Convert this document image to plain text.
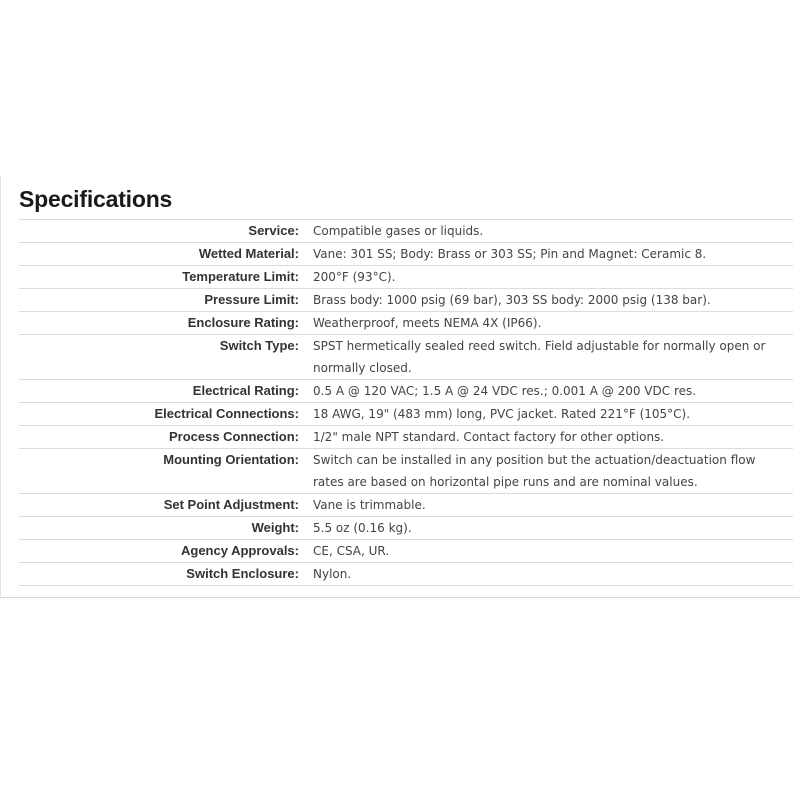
Specifications
Service:	Compatible gases or liquids.
Wetted Material:	Vane: 301 SS; Body: Brass or 303 SS; Pin and Magnet: Ceramic 8.
Temperature Limit:	200°F (93°C).
Pressure Limit:	Brass body: 1000 psig (69 bar), 303 SS body: 2000 psig (138 bar).
Enclosure Rating:	Weatherproof, meets NEMA 4X (IP66).
Switch Type:	SPST hermetically sealed reed switch. Field adjustable for normally open or normally closed.
Electrical Rating:	0.5 A @ 120 VAC; 1.5 A @ 24 VDC res.; 0.001 A @ 200 VDC res.
Electrical Connections:	18 AWG, 19" (483 mm) long, PVC jacket. Rated 221°F (105°C).
Process Connection:	1/2" male NPT standard. Contact factory for other options.
Mounting Orientation:	Switch can be installed in any position but the actuation/deactuation flow rates are based on horizontal pipe runs and are nominal values.
Set Point Adjustment:	Vane is trimmable.
Weight:	5.5 oz (0.16 kg).
Agency Approvals:	CE, CSA, UR.
Switch Enclosure:	Nylon.
